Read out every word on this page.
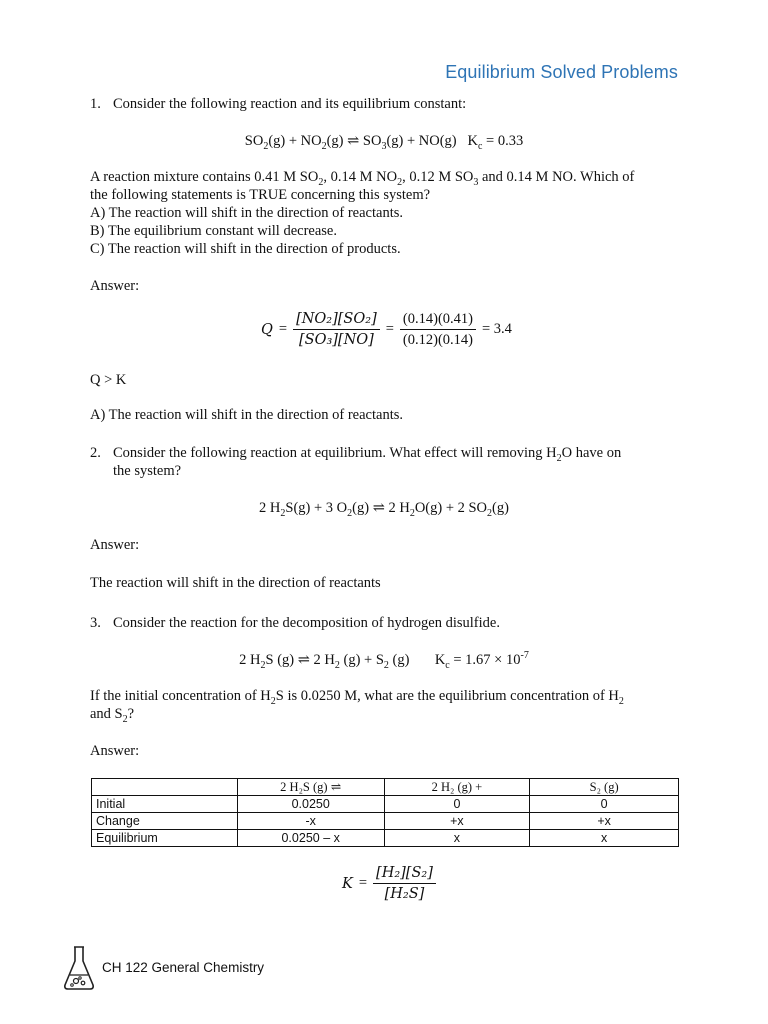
Equilibrium Solved Problems
1. Consider the following reaction and its equilibrium constant:
$SO_2(g) + NO_2(g)$ ⇌ $SO_3(g) + NO(g) K_c = 0.33$
A reaction mixture contains 0.41 M $SO_2$, 0.14 M $NO_2$, 0.12 M $SO_3$ and 0.14 M NO. Which of
the following statements is TRUE concerning this system?
A) The reaction will shift in the direction of reactants.
B) The equilibrium constant will decrease.
C) The reaction will shift in the direction of products.
Answer:
$Q = \frac{\text{[NO₂][SO₂]}}{\text{[SO₃][NO]}} = \frac{(0.14)(0.41)}{(0.12)(0.14)} = 3.4$
Q > K
A) The reaction will shift in the direction of reactants.
2. Consider the following reaction at equilibrium. What effect will removing $H_2O$ have on
the system?
2 $H_2S(g) + 3$ $O_2(g)$ ⇌ 2 $H_2O(g) + 2$ $SO_2(g)$
Answer:
The reaction will shift in the direction of reactants
3. Consider the reaction for the decomposition of hydrogen disulfide.
2 $H_2S$ (g) ⇌ 2 $H_2$ $(g) + S_2$ (g)       $K_c = 1.67 \times 10^{-7}$
If the initial concentration of $H_2S$ is 0.0250 M, what are the equilibrium concentration of $H_2$
and $S_2$?
Answer:
	2 H₂S (g) ⇌	2 H₂ (g) +	S₂ (g)
Initial	0.0250	0	0
Change	-x	+x	+x
Equilibrium	0.0250 – x	x	x
$K = \frac{\text{[H₂][S₂]}}{\text{[H₂S]}}$
CH 122 General Chemistry
